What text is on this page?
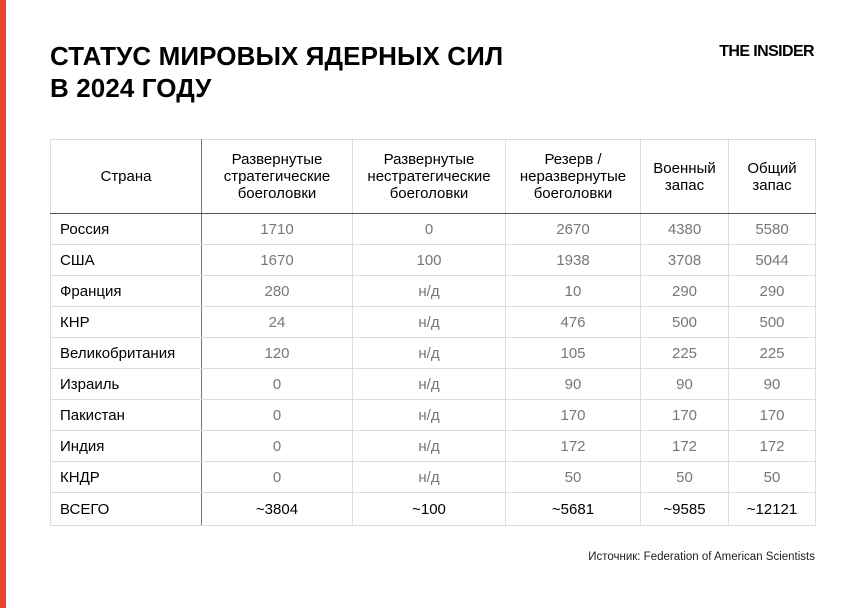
СТАТУС МИРОВЫХ ЯДЕРНЫХ СИЛ
В 2024 ГОДУ
THE INSIDER
Страна	Развернутые
стратегические
боеголовки	Развернутые
нестратегические
боеголовки	Резерв /
неразвернутые
боеголовки	Военный
запас	Общий
запас
Россия	1710	0	2670	4380	5580
США	1670	100	1938	3708	5044
Франция	280	н/д	10	290	290
КНР	24	н/д	476	500	500
Великобритания	120	н/д	105	225	225
Израиль	0	н/д	90	90	90
Пакистан	0	н/д	170	170	170
Индия	0	н/д	172	172	172
КНДР	0	н/д	50	50	50
ВСЕГО	~3804	~100	~5681	~9585	~12121
Источник: Federation of American Scientists
